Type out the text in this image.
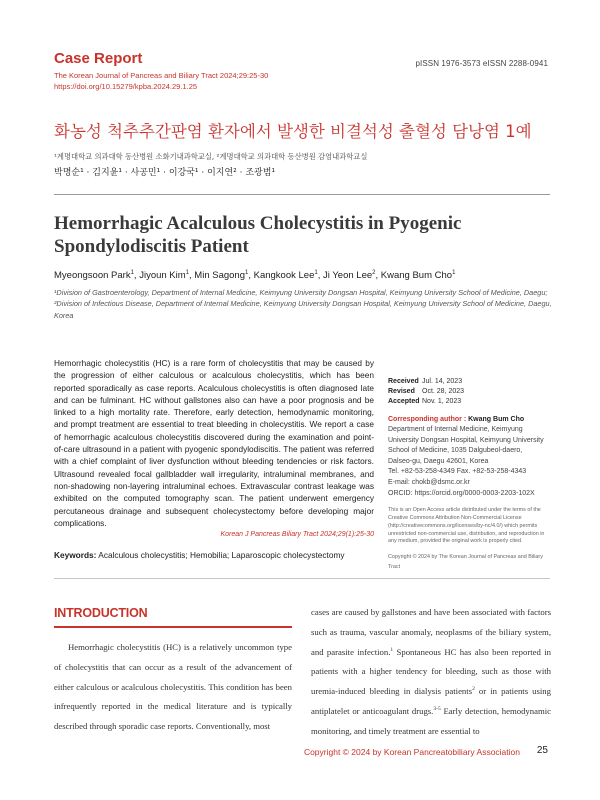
Case Report
The Korean Journal of Pancreas and Biliary Tract 2024;29:25-30
https://doi.org/10.15279/kpba.2024.29.1.25
pISSN 1976-3573 eISSN 2288-0941
화농성 척추추간판염 환자에서 발생한 비결석성 출혈성 담낭염 1예
¹계명대학교 의과대학 동산병원 소화기내과학교실, ²계명대학교 의과대학 동산병원 감염내과학교실
박명순¹ · 김지윤¹ · 사공민¹ · 이강국¹ · 이지연² · 조광범¹
Hemorrhagic Acalculous Cholecystitis in Pyogenic Spondylodiscitis Patient
Myeongsoon Park$^1$, Jiyoun Kim$^1$, Min Sagong$^1$, Kangkook Lee$^1$, Ji Yeon Lee$^2$, Kwang Bum Cho$^1$
¹Division of Gastroenterology, Department of Internal Medicine, Keimyung University Dongsan Hospital, Keimyung University School of Medicine, Daegu; ²Division of Infectious Disease, Department of Internal Medicine, Keimyung University Dongsan Hospital, Keimyung University School of Medicine, Daegu, Korea
Hemorrhagic cholecystitis (HC) is a rare form of cholecystitis that may be caused by the progression of either calculous or acalculous cholecystitis, which has been reported sporadically as case reports. Acalculous cholecystitis is often diagnosed late and can be fulminant. HC without gallstones also can have a poor prognosis and be linked to a high mortality rate. Therefore, early detection, hemodynamic monitoring, and prompt treatment are essential to treat bleeding in cholecystitis. We report a case of hemorrhagic acalculous cholecystitis discovered during the examination and point-of-care ultrasound in a patient with pyogenic spondylodiscitis. The patient was referred with a chief complaint of liver dysfunction without bleeding tendencies or risk factors. Ultrasound revealed focal gallbladder wall irregularity, intraluminal membranes, and non-shadowing non-layering intraluminal echoes. Extravascular contrast leakage was exhibited on the computed tomography scan. The patient underwent emergency percutaneous drainage and subsequent cholecystectomy before developing major complications.
Korean J Pancreas Biliary Tract 2024;29(1):25-30
Keywords: Acalculous cholecystitis; Hemobilia; Laparoscopic cholecystectomy
Received Jul. 14, 2023
Revised	Oct. 28, 2023
Accepted Nov. 1, 2023
Corresponding author : Kwang Bum Cho
Department of Internal Medicine, Keimyung
University Dongsan Hospital, Keimyung University
School of Medicine, 1035 Dalgubeol-daero,
Dalseo-gu, Daegu 42601, Korea
Tel. +82-53-258-4349 Fax. +82-53-258-4343
E-mail: chokb@dsmc.or.kr
ORCID: https://orcid.org/0000-0003-2203-102X
This is an Open Access article distributed under the terms of the Creative Commons Attribution Non-Commercial License (http://creativecommons.org/licenses/by-nc/4.0/) which permits unrestricted non-commercial use, distribution, and reproduction in any medium, provided the original work is properly cited.
Copyright © 2024 by The Korean Journal of Pancreas and Biliary Tract
INTRODUCTION
Hemorrhagic cholecystitis (HC) is a relatively uncommon type of cholecystitis that can occur as a result of the advancement of either calculous or acalculous cholecystitis. This condition has been infrequently reported in the medical literature and is typically described through sporadic case reports. Conventionally, most
cases are caused by gallstones and have been associated with factors such as trauma, vascular anomaly, neoplasms of the biliary system, and parasite infection.$^1$ Spontaneous HC has also been reported in patients with a higher tendency for bleeding, such as those with uremia-induced bleeding in dialysis patients$^2$ or in patients using antiplatelet or anticoagulant drugs.$^{3-5}$ Early detection, hemodynamic monitoring, and timely treatment are essential to
Copyright © 2024 by Korean Pancreatobiliary Association 25
